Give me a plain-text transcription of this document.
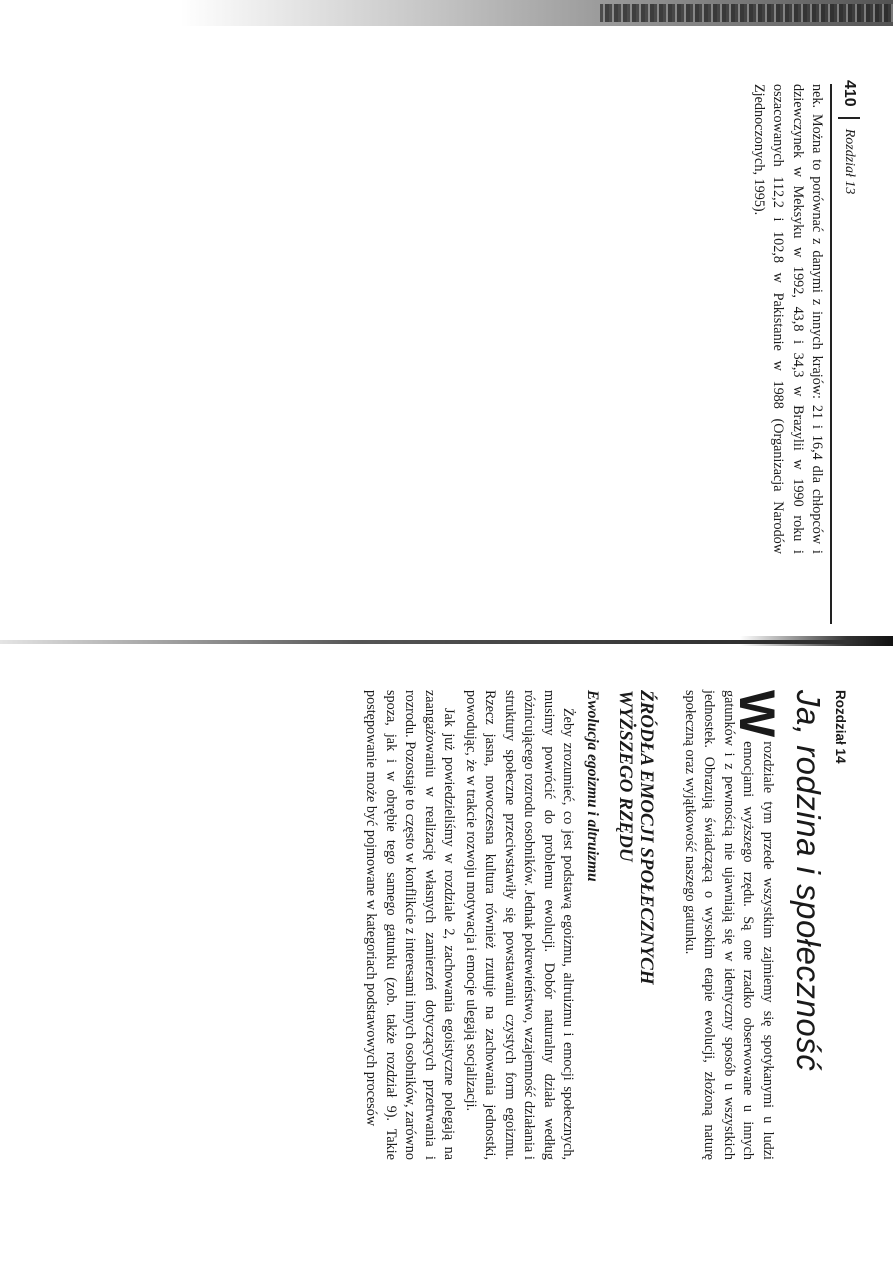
410
Rozdział 13

nek. Można to porównać z danymi z innych krajów: 21 i 16,4 dla chłopców i dziewczynek w Meksyku w 1992, 43,8 i 34,3 w Brazylii w 1990 roku i oszacowanych 112,2 i 102,8 w Pakistanie w 1988 (Organizacja Narodów Zjednoczonych, 1995).

Rozdział 14
Ja, rodzina i społeczność

W
rozdziale tym przede wszystkim zajmiemy się spotykanymi u ludzi emocjami wyższego rzędu. Są one rzadko obserwowane u innych gatunków i z pewnością nie ujawniają się w identyczny sposób u wszystkich jednostek. Obrazują świadczącą o wysokim etapie ewolucji, złożoną naturę społeczną oraz wyjątkowość naszego gatunku.

ŹRÓDŁA EMOCJI SPOŁECZNYCH WYŻSZEGO RZĘDU
Ewolucja egoizmu i altruizmu

Żeby zrozumieć, co jest podstawą egoizmu, altruizmu i emocji społecznych, musimy powrócić do problemu ewolucji. Dobór naturalny działa według różnicującego rozrodu osobników. Jednak pokrewieństwo, wzajemność działania i struktury społeczne przeciwstawiły się powstawaniu czystych form egoizmu. Rzecz jasna, nowoczesna kultura również rzutuje na zachowania jednostki, powodując, że w trakcie rozwoju motywacja i emocje ulegają socjalizacji.

Jak już powiedzieliśmy w rozdziale 2, zachowania egoistyczne polegają na zaangażowaniu w realizację własnych zamierzeń dotyczących przetrwania i rozrodu. Pozostaje to często w konflikcie z interesami innych osobników, zarówno spoza, jak i w obrębie tego samego gatunku (zob. także rozdział 9). Takie postępowanie może być pojmowane w kategoriach podstawowych procesów
